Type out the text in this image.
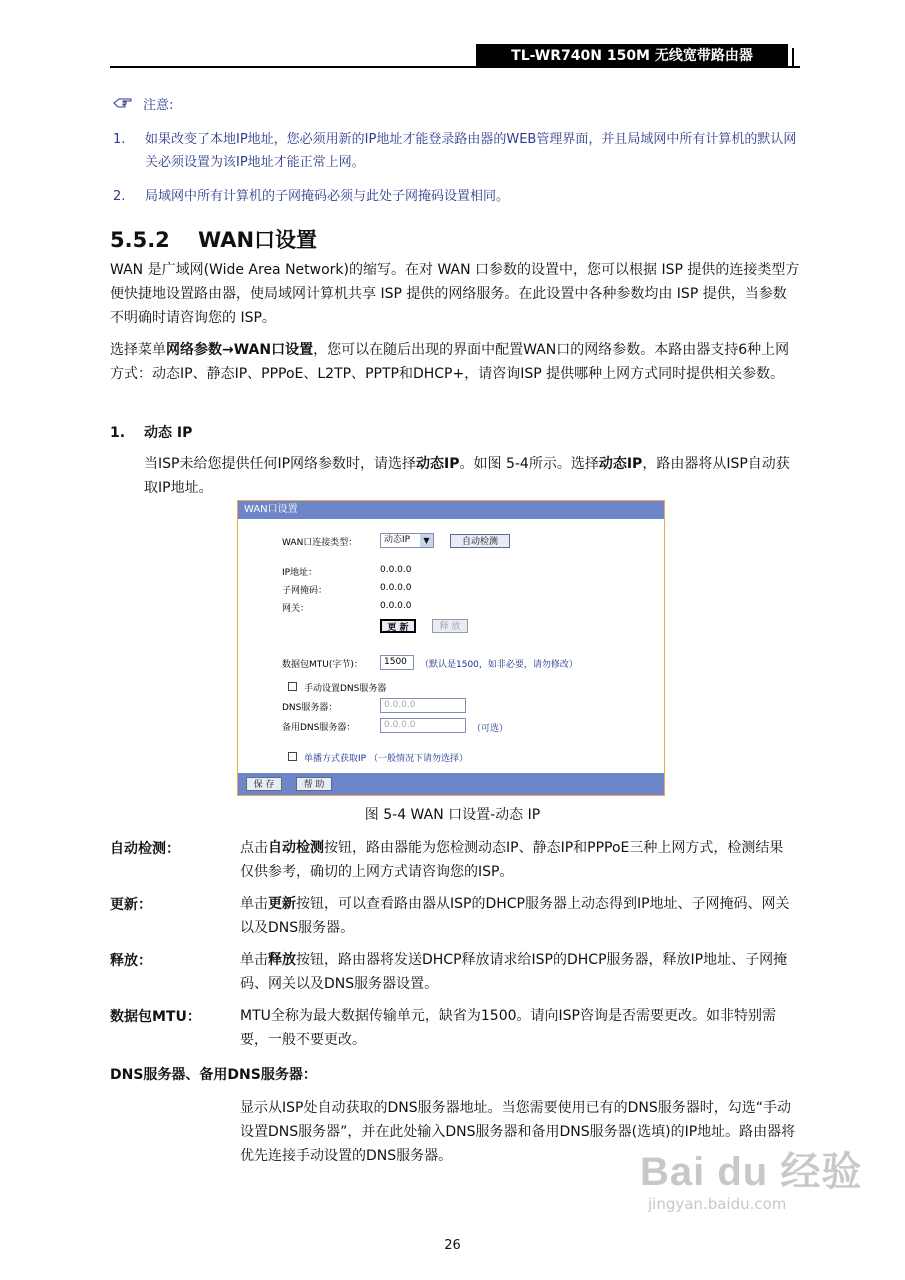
TL-WR740N 150M 无线宽带路由器
注意:
1. 如果改变了本地IP地址，您必须用新的IP地址才能登录路由器的WEB管理界面，并且局域网中所有计算机的默认网关必须设置为该IP地址才能正常上网。
2. 局域网中所有计算机的子网掩码必须与此处子网掩码设置相同。
5.5.2 WAN口设置
WAN 是广域网(Wide Area Network)的缩写。在对 WAN 口参数的设置中，您可以根据 ISP 提供的连接类型方便快捷地设置路由器，使局域网计算机共享 ISP 提供的网络服务。在此设置中各种参数均由 ISP 提供，当参数不明确时请咨询您的 ISP。
选择菜单网络参数→WAN口设置，您可以在随后出现的界面中配置WAN口的网络参数。本路由器支持6种上网方式：动态IP、静态IP、PPPoE、L2TP、PPTP和DHCP+，请咨询ISP 提供哪种上网方式同时提供相关参数。
1. 动态 IP
当ISP未给您提供任何IP网络参数时，请选择动态IP。如图 5-4所示。选择动态IP，路由器将从ISP自动获取IP地址。
WAN口设置
WAN口连接类型：	动态IP	▼	自动检测
IP地址：	0.0.0.0
子网掩码：	0.0.0.0
网关：	0.0.0.0
更 新	释 放
数据包MTU(字节)：	1500	（默认是1500，如非必要，请勿修改）
手动设置DNS服务器
DNS服务器：	0.0.0.0
备用DNS服务器：	0.0.0.0	（可选）
单播方式获取IP （一般情况下请勿选择）
保 存	帮 助
图 5-4 WAN 口设置-动态 IP
自动检测：	点击自动检测按钮，路由器能为您检测动态IP、静态IP和PPPoE三种上网方式，检测结果仅供参考，确切的上网方式请咨询您的ISP。
更新：	单击更新按钮，可以查看路由器从ISP的DHCP服务器上动态得到IP地址、子网掩码、网关以及DNS服务器。
释放：	单击释放按钮，路由器将发送DHCP释放请求给ISP的DHCP服务器，释放IP地址、子网掩码、网关以及DNS服务器设置。
数据包MTU：	MTU全称为最大数据传输单元，缺省为1500。请向ISP咨询是否需要更改。如非特别需要，一般不要更改。
DNS服务器、备用DNS服务器：
显示从ISP处自动获取的DNS服务器地址。当您需要使用已有的DNS服务器时，勾选“手动设置DNS服务器”，并在此处输入DNS服务器和备用DNS服务器(选填)的IP地址。路由器将优先连接手动设置的DNS服务器。
26
Bai du 经验
jingyan.baidu.com
